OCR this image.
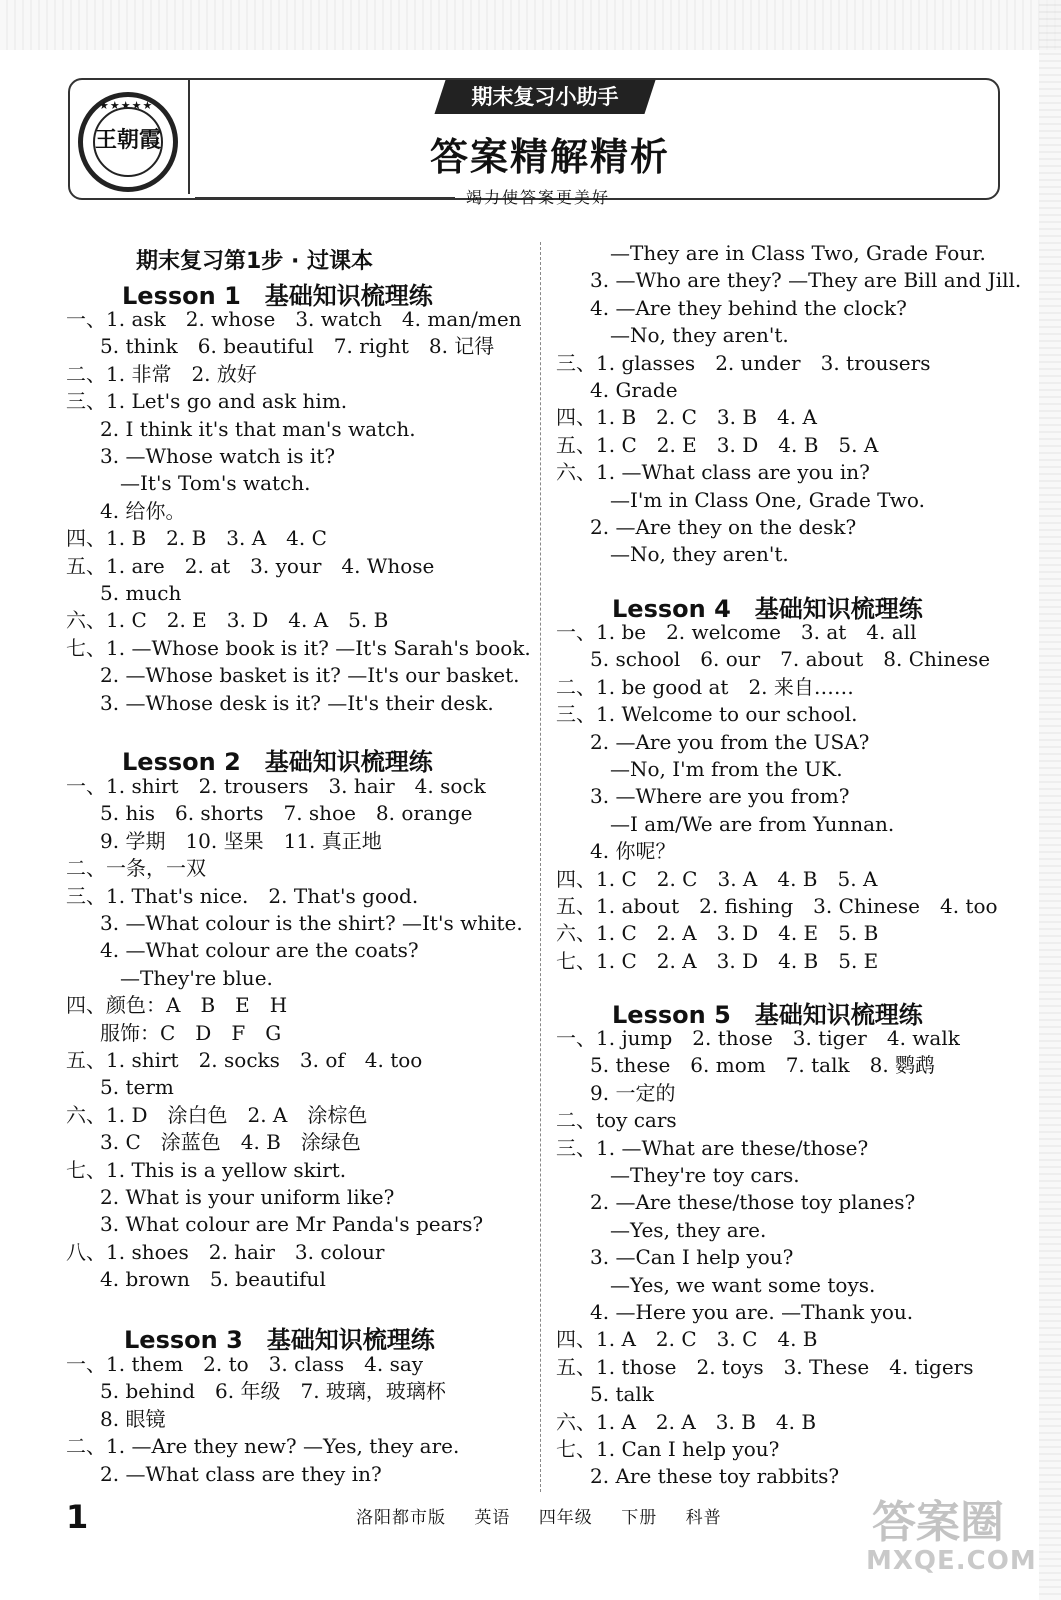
★★★★★
王朝霞
期末复习小助手
答案精解精析
竭力使答案更美好
期末复习第1步 · 过课本
Lesson 1　基础知识梳理练
一、1. ask　2. whose　3. watch　4. man/men
5. think　6. beautiful　7. right　8. 记得
二、1. 非常　2. 放好
三、1. Let's go and ask him.
2. I think it's that man's watch.
3. —Whose watch is it?
—It's Tom's watch.
4. 给你。
四、1. B　2. B　3. A　4. C
五、1. are　2. at　3. your　4. Whose
5. much
六、1. C　2. E　3. D　4. A　5. B
七、1. —Whose book is it? —It's Sarah's book.
2. —Whose basket is it? —It's our basket.
3. —Whose desk is it? —It's their desk.
Lesson 2　基础知识梳理练
一、1. shirt　2. trousers　3. hair　4. sock
5. his　6. shorts　7. shoe　8. orange
9. 学期　10. 坚果　11. 真正地
二、一条，一双
三、1. That's nice.　2. That's good.
3. —What colour is the shirt? —It's white.
4. —What colour are the coats?
—They're blue.
四、颜色：A　B　E　H
服饰：C　D　F　G
五、1. shirt　2. socks　3. of　4. too
5. term
六、1. D　涂白色　2. A　涂棕色
3. C　涂蓝色　4. B　涂绿色
七、1. This is a yellow skirt.
2. What is your uniform like?
3. What colour are Mr Panda's pears?
八、1. shoes　2. hair　3. colour
4. brown　5. beautiful
Lesson 3　基础知识梳理练
一、1. them　2. to　3. class　4. say
5. behind　6. 年级　7. 玻璃，玻璃杯
8. 眼镜
二、1. —Are they new? —Yes, they are.
2. —What class are they in?
—They are in Class Two, Grade Four.
3. —Who are they? —They are Bill and Jill.
4. —Are they behind the clock?
—No, they aren't.
三、1. glasses　2. under　3. trousers
4. Grade
四、1. B　2. C　3. B　4. A
五、1. C　2. E　3. D　4. B　5. A
六、1. —What class are you in?
—I'm in Class One, Grade Two.
2. —Are they on the desk?
—No, they aren't.
Lesson 4　基础知识梳理练
一、1. be　2. welcome　3. at　4. all
5. school　6. our　7. about　8. Chinese
二、1. be good at　2. 来自……
三、1. Welcome to our school.
2. —Are you from the USA?
—No, I'm from the UK.
3. —Where are you from?
—I am/We are from Yunnan.
4. 你呢？
四、1. C　2. C　3. A　4. B　5. A
五、1. about　2. fishing　3. Chinese　4. too
六、1. C　2. A　3. D　4. E　5. B
七、1. C　2. A　3. D　4. B　5. E
Lesson 5　基础知识梳理练
一、1. jump　2. those　3. tiger　4. walk
5. these　6. mom　7. talk　8. 鹦鹉
9. 一定的
二、toy cars
三、1. —What are these/those?
—They're toy cars.
2. —Are these/those toy planes?
—Yes, they are.
3. —Can I help you?
—Yes, we want some toys.
4. —Here you are. —Thank you.
四、1. A　2. C　3. C　4. B
五、1. those　2. toys　3. These　4. tigers
5. talk
六、1. A　2. A　3. B　4. B
七、1. Can I help you?
2. Are these toy rabbits?
1	洛阳都市版 英语 四年级 下册 科普	答案圈
MXQE.COM
